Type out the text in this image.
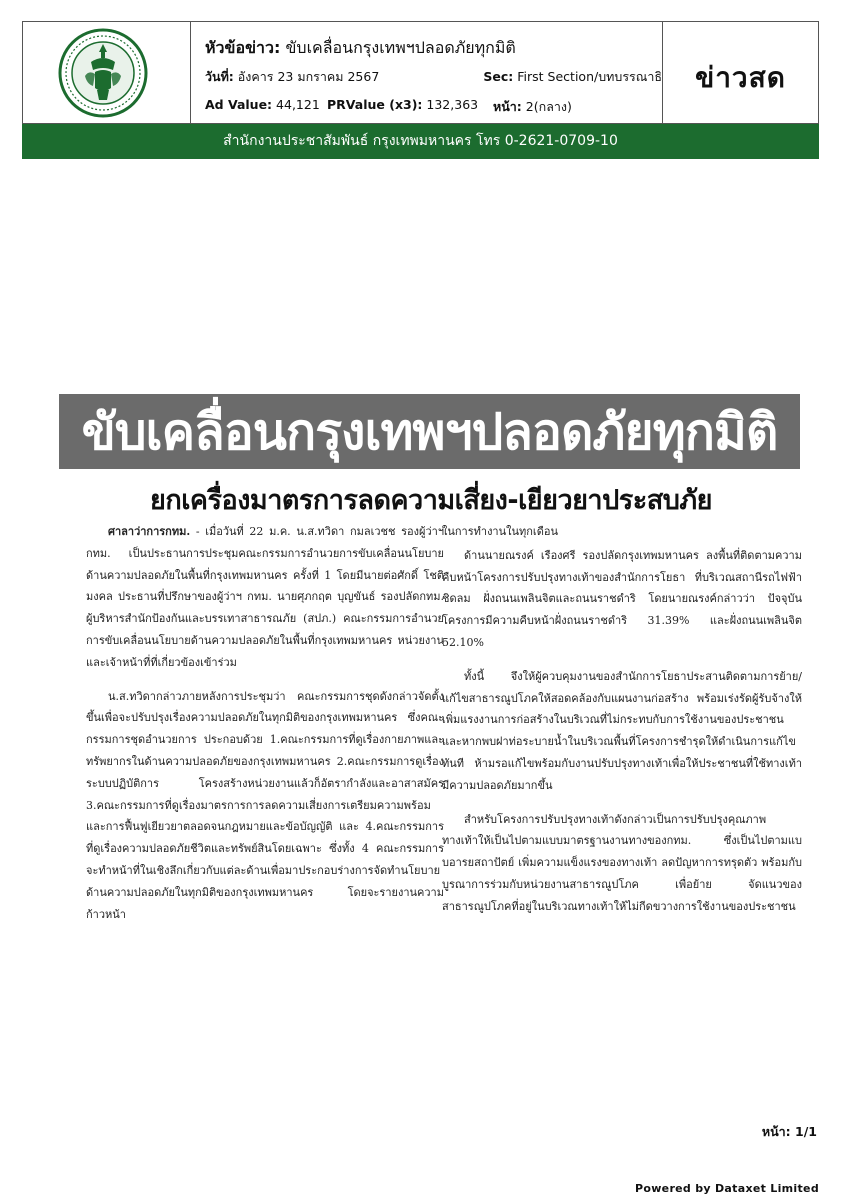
หัวข้อข่าว: ขับเคลื่อนกรุงเทพฯปลอดภัยทุกมิติ
วันที่: อังคาร 23 มกราคม 2567	Sec: First Section/บทบรรณาธิ
Ad Value: 44,121 PRValue (x3): 132,363 หน้า: 2(กลาง)
ข่าวสด
สำนักงานประชาสัมพันธ์ กรุงเทพมหานคร โทร 0-2621-0709-10
ขับเคลื่อนกรุงเทพฯปลอดภัยทุกมิติ
ยกเครื่องมาตรการลดความเสี่ยง-เยียวยาประสบภัย

ศาลาว่าการกทม. - เมื่อวันที่ 22 ม.ค. น.ส.ทวิดา กมลเวชช รองผู้ว่าฯ กทม. เป็นประธานการประชุมคณะกรรมการอำนวยการขับเคลื่อนนโยบายด้านความปลอดภัยในพื้นที่กรุงเทพมหานคร ครั้งที่ 1 โดยมีนายต่อศักดิ์ โชติมงคล ประธานที่ปรึกษาของผู้ว่าฯ กทม. นายศุภกฤต บุญขันธ์ รองปลัดกทม. ผู้บริหารสำนักป้องกันและบรรเทาสาธารณภัย (สปภ.) คณะกรรมการอำนวยการขับเคลื่อนนโยบายด้านความปลอดภัยในพื้นที่กรุงเทพมหานคร หน่วยงานและเจ้าหน้าที่ที่เกี่ยวข้องเข้าร่วม

น.ส.ทวิดากล่าวภายหลังการประชุมว่า คณะกรรมการชุดดังกล่าวจัดตั้งขึ้นเพื่อจะปรับปรุงเรื่องความปลอดภัยในทุกมิติของกรุงเทพมหานคร ซึ่งคณะกรรมการชุดอำนวยการ ประกอบด้วย 1.คณะกรรมการที่ดูเรื่องกายภาพและทรัพยากรในด้านความปลอดภัยของกรุงเทพมหานคร 2.คณะกรรมการดูเรื่องระบบปฏิบัติการ โครงสร้างหน่วยงานแล้วก็อัตรากำลังและอาสาสมัคร 3.คณะกรรมการที่ดูเรื่องมาตรการการลดความเสี่ยงการเตรียมความพร้อมและการฟื้นฟูเยียวยาตลอดจนกฎหมายและข้อบัญญัติ และ 4.คณะกรรมการที่ดูเรื่องความปลอดภัยชีวิตและทรัพย์สินโดยเฉพาะ ซึ่งทั้ง 4 คณะกรรมการจะทำหน้าที่ในเชิงลึกเกี่ยวกับแต่ละด้านเพื่อมาประกอบร่างการจัดทำนโยบายด้านความปลอดภัยในทุกมิติของกรุงเทพมหานคร โดยจะรายงานความก้าวหน้า

ในการทำงานในทุกเดือน

ด้านนายณรงค์ เรืองศรี รองปลัดกรุงเทพมหานคร ลงพื้นที่ติดตามความคืบหน้าโครงการปรับปรุงทางเท้าของสำนักการโยธา ที่บริเวณสถานีรถไฟฟ้าชิดลม ฝั่งถนนเพลินจิตและถนนราชดำริ โดยนายณรงค์กล่าวว่า ปัจจุบันโครงการมีความคืบหน้าฝั่งถนนราชดำริ 31.39% และฝั่งถนนเพลินจิต 52.10%

ทั้งนี้ จึงให้ผู้ควบคุมงานของสำนักการโยธาประสานติดตามการย้าย/แก้ไขสาธารณูปโภคให้สอดคล้องกับแผนงานก่อสร้าง พร้อมเร่งรัดผู้รับจ้างให้เพิ่มแรงงานการก่อสร้างในบริเวณที่ไม่กระทบกับการใช้งานของประชาชน และหากพบฝาท่อระบายน้ำในบริเวณพื้นที่โครงการชำรุดให้ดำเนินการแก้ไขทันที ห้ามรอแก้ไขพร้อมกับงานปรับปรุงทางเท้าเพื่อให้ประชาชนที่ใช้ทางเท้ามีความปลอดภัยมากขึ้น

สำหรับโครงการปรับปรุงทางเท้าดังกล่าวเป็นการปรับปรุงคุณภาพทางเท้าให้เป็นไปตามแบบมาตรฐานงานทางของกทม. ซึ่งเป็นไปตามแบบอารยสถาปัตย์ เพิ่มความแข็งแรงของทางเท้า ลดปัญหาการทรุดตัว พร้อมกับบูรณาการร่วมกับหน่วยงานสาธารณูปโภค เพื่อย้าย จัดแนวของสาธารณูปโภคที่อยู่ในบริเวณทางเท้าให้ไม่กีดขวางการใช้งานของประชาชน

หน้า: 1/1
Powered by Dataxet Limited
